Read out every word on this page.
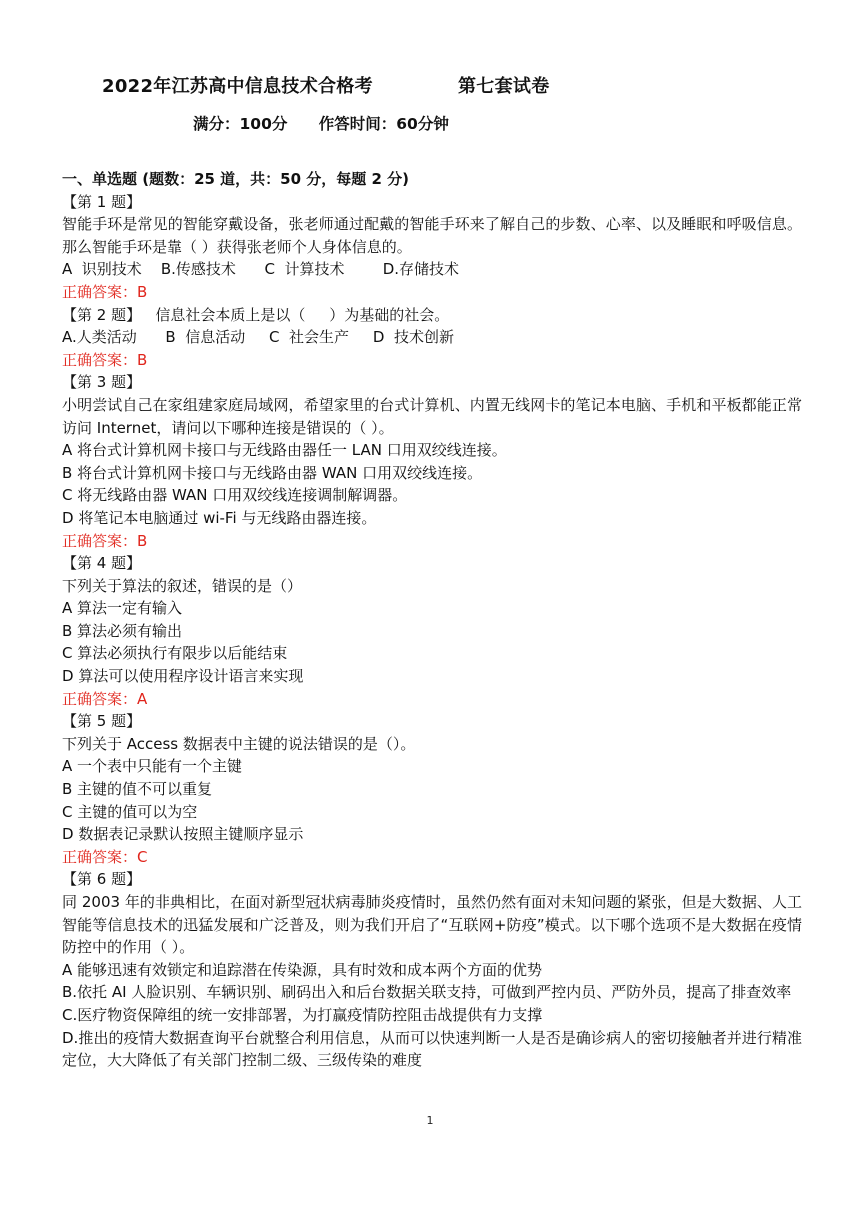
2022年江苏高中信息技术合格考	第七套试卷
满分：100分 作答时间：60分钟
一、单选题 (题数：25 道，共：50 分，每题 2 分)
【第 1 题】
智能手环是常见的智能穿戴设备，张老师通过配戴的智能手环来了解自己的步数、心率、以及睡眠和呼吸信息。那么智能手环是靠（ ）获得张老师个人身体信息的。
A  识别技术    B.传感技术      C  计算技术        D.存储技术
正确答案：B
【第 2 题】   信息社会本质上是以（     ）为基础的社会。
A.人类活动      B  信息活动     C  社会生产     D  技术创新
正确答案：B
【第 3 题】
小明尝试自己在家组建家庭局域网，希望家里的台式计算机、内置无线网卡的笔记本电脑、手机和平板都能正常访问 Internet，请问以下哪种连接是错误的（ ）。
A 将台式计算机网卡接口与无线路由器任一 LAN 口用双绞线连接。
B 将台式计算机网卡接口与无线路由器 WAN 口用双绞线连接。
C 将无线路由器 WAN 口用双绞线连接调制解调器。
D 将笔记本电脑通过 wi-Fi 与无线路由器连接。
正确答案：B
【第 4 题】
下列关于算法的叙述，错误的是（）
A 算法一定有输入
B 算法必须有输出
C 算法必须执行有限步以后能结束
D 算法可以使用程序设计语言来实现
正确答案：A
【第 5 题】
下列关于 Access 数据表中主键的说法错误的是（）。
A 一个表中只能有一个主键
B 主键的值不可以重复
C 主键的值可以为空
D 数据表记录默认按照主键顺序显示
正确答案：C
【第 6 题】
同 2003 年的非典相比，在面对新型冠状病毒肺炎疫情时，虽然仍然有面对未知问题的紧张，但是大数据、人工智能等信息技术的迅猛发展和广泛普及，则为我们开启了“互联网+防疫”模式。以下哪个选项不是大数据在疫情防控中的作用（ ）。
A 能够迅速有效锁定和追踪潜在传染源，具有时效和成本两个方面的优势
B.依托 AI 人脸识别、车辆识别、刷码出入和后台数据关联支持，可做到严控内员、严防外员，提高了排查效率
C.医疗物资保障组的统一安排部署，为打赢疫情防控阻击战提供有力支撑
D.推出的疫情大数据查询平台就整合利用信息，从而可以快速判断一人是否是确诊病人的密切接触者并进行精准定位，大大降低了有关部门控制二级、三级传染的难度
1
